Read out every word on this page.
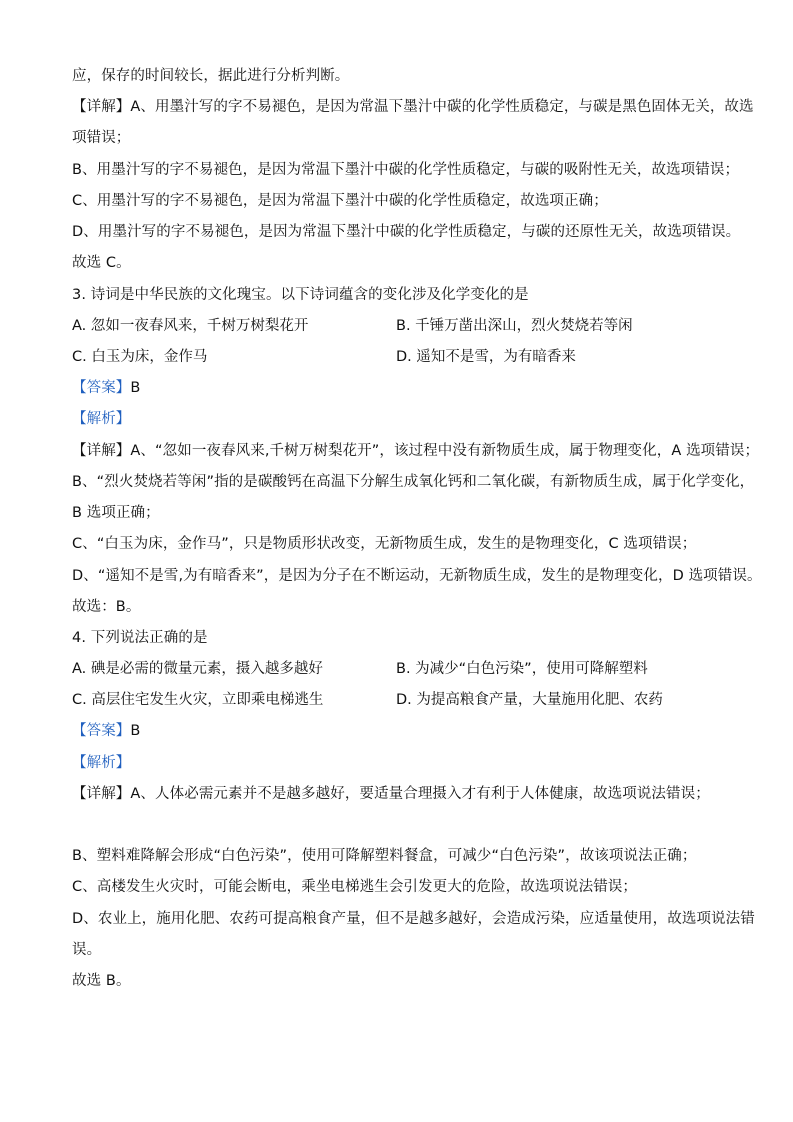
应，保存的时间较长，据此进行分析判断。
【详解】A、用墨汁写的字不易褪色，是因为常温下墨汁中碳的化学性质稳定，与碳是黑色固体无关，故选
项错误；
B、用墨汁写的字不易褪色，是因为常温下墨汁中碳的化学性质稳定，与碳的吸附性无关，故选项错误；
C、用墨汁写的字不易褪色，是因为常温下墨汁中碳的化学性质稳定，故选项正确；
D、用墨汁写的字不易褪色，是因为常温下墨汁中碳的化学性质稳定，与碳的还原性无关，故选项错误。
故选 C。
3. 诗词是中华民族的文化瑰宝。以下诗词蕴含的变化涉及化学变化的是
A. 忽如一夜春风来，千树万树梨花开	B. 千锤万凿出深山，烈火焚烧若等闲
C. 白玉为床，金作马	D. 遥知不是雪，为有暗香来
【答案】B
【解析】
【详解】A、“忽如一夜春风来,千树万树梨花开”，该过程中没有新物质生成，属于物理变化，A 选项错误；
B、“烈火焚烧若等闲”指的是碳酸钙在高温下分解生成氧化钙和二氧化碳，有新物质生成，属于化学变化，
B 选项正确；
C、“白玉为床，金作马”，只是物质形状改变，无新物质生成，发生的是物理变化，C 选项错误；
D、“遥知不是雪,为有暗香来”，是因为分子在不断运动，无新物质生成，发生的是物理变化，D 选项错误。
故选：B。
4. 下列说法正确的是
A. 碘是必需的微量元素，摄入越多越好	B. 为减少“白色污染”，使用可降解塑料
C. 高层住宅发生火灾，立即乘电梯逃生	D. 为提高粮食产量，大量施用化肥、农药
【答案】B
【解析】
【详解】A、人体必需元素并不是越多越好，要适量合理摄入才有利于人体健康，故选项说法错误；
B、塑料难降解会形成“白色污染”，使用可降解塑料餐盒，可减少“白色污染”，故该项说法正确；
C、高楼发生火灾时，可能会断电，乘坐电梯逃生会引发更大的危险，故选项说法错误；
D、农业上，施用化肥、农药可提高粮食产量，但不是越多越好，会造成污染，应适量使用，故选项说法错
误。
故选 B。
